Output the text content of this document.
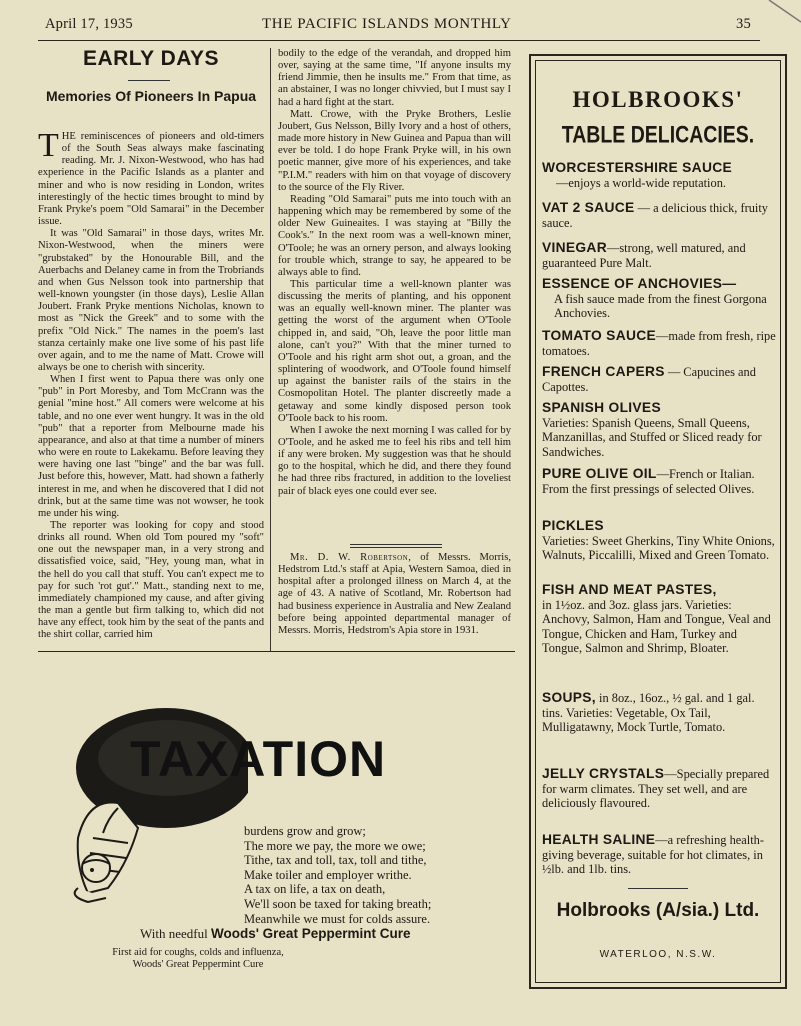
April 17, 1935	THE PACIFIC ISLANDS MONTHLY	35
EARLY DAYS
Memories Of Pioneers In Papua

THE reminiscences of pioneers and old-timers of the South Seas always make fascinating reading. Mr. J. Nixon-Westwood, who has had experience in the Pacific Islands as a planter and miner and who is now residing in London, writes interestingly of the hectic times brought to mind by Frank Pryke's poem "Old Samarai" in the December issue.

It was "Old Samarai" in those days, writes Mr. Nixon-Westwood, when the miners were "grubstaked" by the Honourable Bill, and the Auerbachs and Delaney came in from the Trobriands and when Gus Nelsson took into partnership that well-known youngster (in those days), Leslie Allan Joubert. Frank Pryke mentions Nicholas, known to most as "Nick the Greek" and to some with the prefix "Old Nick." The names in the poem's last stanza certainly make one live some of his past life over again, and to me the name of Matt. Crowe will always be one to cherish with sincerity.

When I first went to Papua there was only one "pub" in Port Moresby, and Tom McCrann was the genial "mine host." All comers were welcome at his table, and no one ever went hungry. It was in the old "pub" that a reporter from Melbourne made his appearance, and also at that time a number of miners who were en route to Lakekamu. Before leaving they were having one last "binge" and the bar was full. Just before this, however, Matt. had shown a fatherly interest in me, and when he discovered that I did not drink, but at the same time was not wowser, he took me under his wing.

The reporter was looking for copy and stood drinks all round. When old Tom poured my "soft" one out the newspaper man, in a very strong and dissatisfied voice, said, "Hey, young man, what in the hell do you call that stuff. You can't expect me to pay for such 'rot gut'." Matt., standing next to me, immediately championed my cause, and after giving the man a gentle but firm talking to, which did not have any effect, took him by the seat of the pants and the shirt collar, carried him

bodily to the edge of the verandah, and dropped him over, saying at the same time, "If anyone insults my friend Jimmie, then he insults me." From that time, as an abstainer, I was no longer chivvied, but I must say I had a hard fight at the start.

Matt. Crowe, with the Pryke Brothers, Leslie Joubert, Gus Nelsson, Billy Ivory and a host of others, made more history in New Guinea and Papua than will ever be told. I do hope Frank Pryke will, in his own poetic manner, give more of his experiences, and take "P.I.M." readers with him on that voyage of discovery to the source of the Fly River.

Reading "Old Samarai" puts me into touch with an happening which may be remembered by some of the older New Guineaites. I was staying at "Billy the Cook's." In the next room was a well-known miner, O'Toole; he was an ornery person, and always looking for trouble which, strange to say, he appeared to be always able to find.

This particular time a well-known planter was discussing the merits of planting, and his opponent was an equally well-known miner. The planter was getting the worst of the argument when O'Toole chipped in, and said, "Oh, leave the poor little man alone, can't you?" With that the miner turned to O'Toole and his right arm shot out, a groan, and the splintering of woodwork, and O'Toole found himself up against the banister rails of the stairs in the Cosmopolitan Hotel. The planter discreetly made a getaway and some kindly disposed person took O'Toole back to his room.

When I awoke the next morning I was called for by O'Toole, and he asked me to feel his ribs and tell him if any were broken. My suggestion was that he should go to the hospital, which he did, and there they found he had three ribs fractured, in addition to the loveliest pair of black eyes one could ever see.

Mr. D. W. Robertson, of Messrs. Morris, Hedstrom Ltd.'s staff at Apia, Western Samoa, died in hospital after a prolonged illness on March 4, at the age of 43. A native of Scotland, Mr. Robertson had had business experience in Australia and New Zealand before being appointed departmental manager of Messrs. Morris, Hedstrom's Apia store in 1931.

TAXATION
burdens grow and grow;
The more we pay, the more we owe;
Tithe, tax and toll, tax, toll and tithe,
Make toiler and employer writhe.
A tax on life, a tax on death,
We'll soon be taxed for taking breath;
Meanwhile we must for colds assure.
With needful Woods' Great Peppermint Cure
First aid for coughs, colds and influenza,
Woods' Great Peppermint Cure
HOLBROOKS'
TABLE DELICACIES.
WORCESTERSHIRE SAUCE
—enjoys a world-wide reputation.
VAT 2 SAUCE — a delicious thick, fruity sauce.
VINEGAR—strong, well matured, and guaranteed Pure Malt.
ESSENCE OF ANCHOVIES—
A fish sauce made from the finest Gorgona Anchovies.
TOMATO SAUCE—made from fresh, ripe tomatoes.
FRENCH CAPERS — Capucines and Capottes.
SPANISH OLIVES
Varieties: Spanish Queens, Small Queens, Manzanillas, and Stuffed or Sliced ready for Sandwiches.
PURE OLIVE OIL—French or Italian. From the first pressings of selected Olives.
PICKLES
Varieties: Sweet Gherkins, Tiny White Onions, Walnuts, Piccalilli, Mixed and Green Tomato.
FISH AND MEAT PASTES,
in 1½oz. and 3oz. glass jars. Varieties: Anchovy, Salmon, Ham and Tongue, Veal and Tongue, Chicken and Ham, Turkey and Tongue, Salmon and Shrimp, Bloater.
SOUPS, in 8oz., 16oz., ½ gal. and 1 gal. tins. Varieties: Vegetable, Ox Tail, Mulligatawny, Mock Turtle, Tomato.
JELLY CRYSTALS—Specially prepared for warm climates. They set well, and are deliciously flavoured.
HEALTH SALINE—a refreshing health-giving beverage, suitable for hot climates, in ½lb. and 1lb. tins.
Holbrooks (A/sia.) Ltd.
WATERLOO, N.S.W.
